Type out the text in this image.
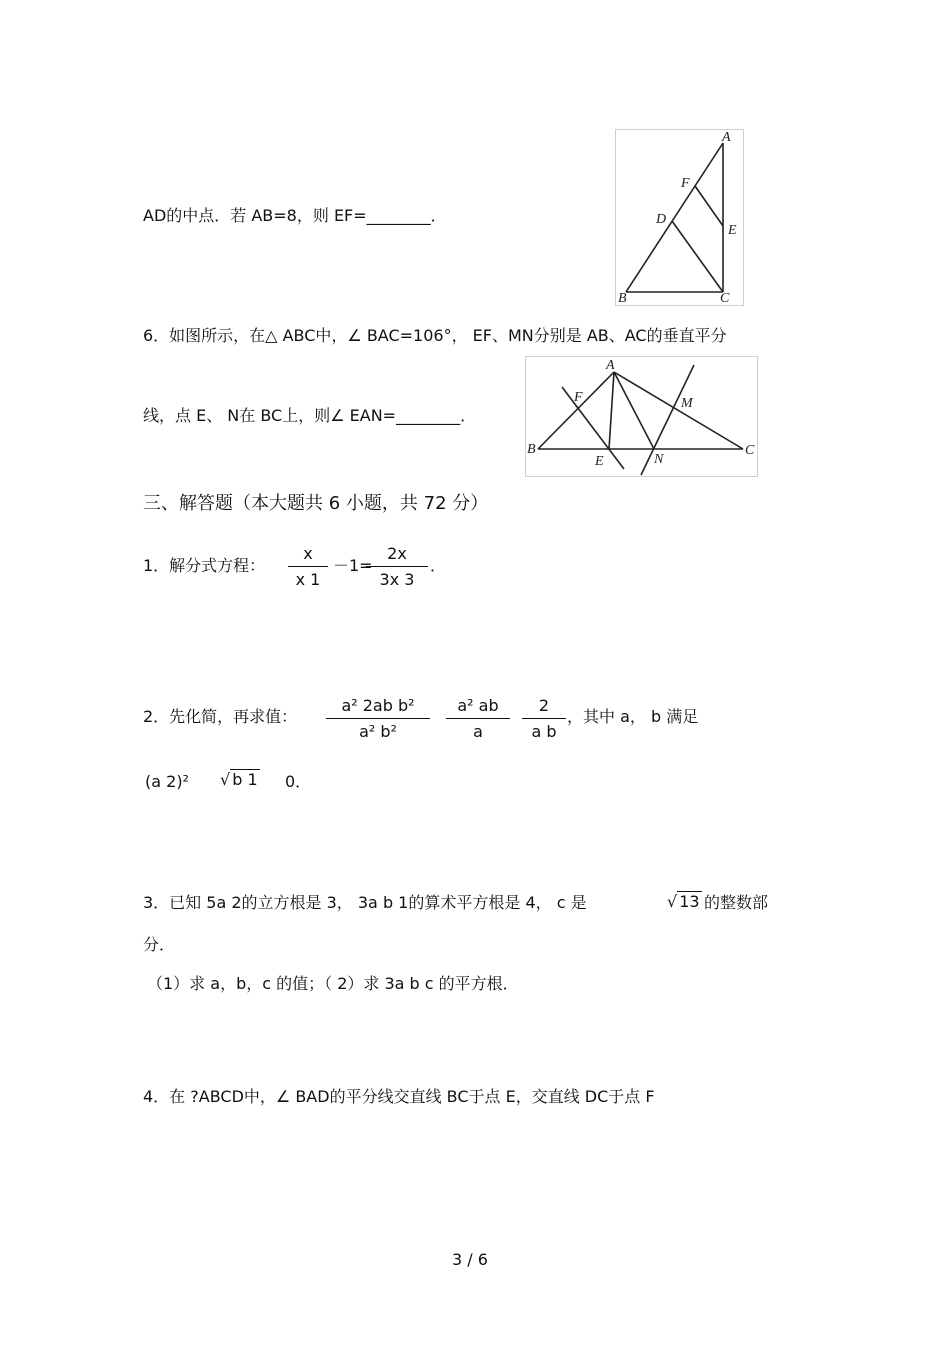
A
F
D
E
B	C
AD的中点．若 AB=8，则 EF=________．
6．如图所示，在△ ABC中，∠ BAC=106°， EF、MN分别是 AB、AC的垂直平分
A
F	M
B
E	N
C
线，点 E、 N在 BC上，则∠ EAN=________．
三、解答题（本大题共 6 小题，共 72 分）
1．解分式方程：
x
x 1
－1=
2x
3x 3
．
2．先化简，再求值：
a² 2ab b²
a² b²
a² ab
a
2
a b
，其中 a， b 满足
(a 2)² √ b 1 0．
3．已知 5a 2的立方根是 3， 3a b 1的算术平方根是 4， c 是	√ 13 的整数部
分．
（1）求 a，b，c 的值；（ 2）求 3a b c 的平方根．
4．在 ?ABCD中，∠ BAD的平分线交直线 BC于点 E，交直线 DC于点 F
3 / 6
